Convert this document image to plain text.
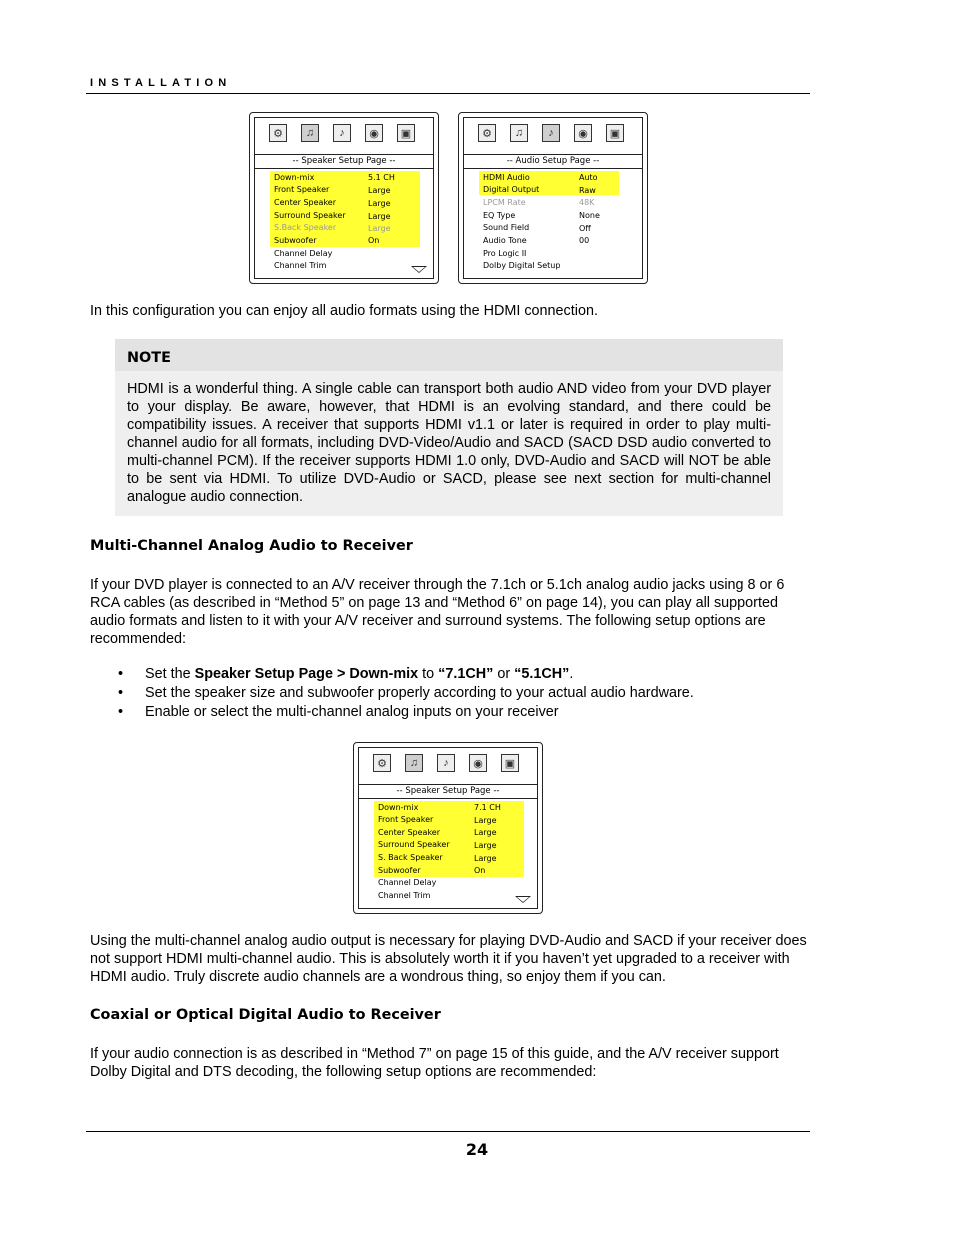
INSTALLATION
⚙	♫	♪	◉	▣
-- Speaker Setup Page --
Down-mix	5.1 CH
Front Speaker	Large
Center Speaker	Large
Surround Speaker	Large
S.Back Speaker	Large
Subwoofer	On
Channel Delay
Channel Trim
⚙	♫	♪	◉	▣
-- Audio Setup Page --
HDMI Audio	Auto
Digital Output	Raw
LPCM Rate	48K
EQ Type	None
Sound Field	Off
Audio Tone	00
Pro Logic II
Dolby Digital Setup
In this configuration you can enjoy all audio formats using the HDMI connection.
NOTE
HDMI is a wonderful thing. A single cable can transport both audio AND video from your DVD player to your display. Be aware, however, that HDMI is an evolving standard, and there could be compatibility issues. A receiver that supports HDMI v1.1 or later is required in order to play multi-channel audio for all formats, including DVD-Video/Audio and SACD (SACD DSD audio converted to multi-channel PCM). If the receiver supports HDMI 1.0 only, DVD-Audio and SACD will NOT be able to be sent via HDMI. To utilize DVD-Audio or SACD, please see next section for multi-channel analogue audio connection.
Multi-Channel Analog Audio to Receiver
If your DVD player is connected to an A/V receiver through the 7.1ch or 5.1ch analog audio jacks using 8 or 6 RCA cables (as described in “Method 5” on page 13 and “Method 6” on page 14), you can play all supported audio formats and listen to it with your A/V receiver and surround systems. The following setup options are recommended:
• Set the Speaker Setup Page > Down-mix to “7.1CH” or “5.1CH”.
• Set the speaker size and subwoofer properly according to your actual audio hardware.
• Enable or select the multi-channel analog inputs on your receiver
⚙	♫	♪	◉	▣
-- Speaker Setup Page --
Down-mix	7.1 CH
Front Speaker	Large
Center Speaker	Large
Surround Speaker	Large
S. Back Speaker	Large
Subwoofer	On
Channel Delay
Channel Trim
Using the multi-channel analog audio output is necessary for playing DVD-Audio and SACD if your receiver does not support HDMI multi-channel audio. This is absolutely worth it if you haven’t yet upgraded to a receiver with HDMI audio. Truly discrete audio channels are a wondrous thing, so enjoy them if you can.
Coaxial or Optical Digital Audio to Receiver
If your audio connection is as described in “Method 7” on page 15 of this guide, and the A/V receiver support Dolby Digital and DTS decoding, the following setup options are recommended:
24
